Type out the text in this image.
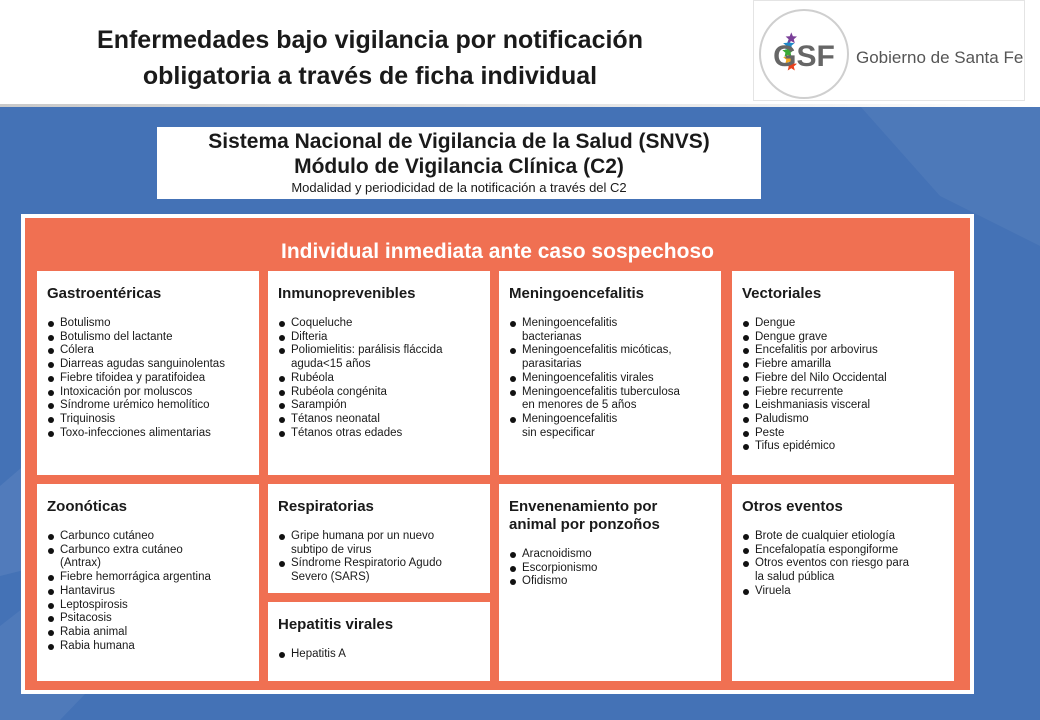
Enfermedades bajo vigilancia por notificación
obligatoria a través de ficha individual
GSF Gobierno de Santa Fe
Sistema Nacional de Vigilancia de la Salud (SNVS)
Módulo de Vigilancia Clínica (C2)
Modalidad y periodicidad de la notificación a través del C2
Individual inmediata ante caso sospechoso
Gastroentéricas
Botulismo
Botulismo del lactante
Cólera
Diarreas agudas sanguinolentas
Fiebre tifoidea y paratifoidea
Intoxicación por moluscos
Síndrome urémico hemolítico
Triquinosis
Toxo-infecciones alimentarias
Inmunoprevenibles
Coqueluche
Difteria
Poliomielitis: parálisis fláccida
aguda<15 años
Rubéola
Rubéola congénita
Sarampión
Tétanos neonatal
Tétanos otras edades
Meningoencefalitis
Meningoencefalitis
bacterianas
Meningoencefalitis micóticas,
parasitarias
Meningoencefalitis virales
Meningoencefalitis tuberculosa
en menores de 5 años
Meningoencefalitis
sin especificar
Vectoriales
Dengue
Dengue grave
Encefalitis por arbovirus
Fiebre amarilla
Fiebre del Nilo Occidental
Fiebre recurrente
Leishmaniasis visceral
Paludismo
Peste
Tifus epidémico
Zoonóticas
Carbunco cutáneo
Carbunco extra cutáneo
(Antrax)
Fiebre hemorrágica argentina
Hantavirus
Leptospirosis
Psitacosis
Rabia animal
Rabia humana
Respiratorias
Gripe humana por un nuevo
subtipo de virus
Síndrome Respiratorio Agudo
Severo (SARS)
Hepatitis virales
Hepatitis A
Envenenamiento por
animal por ponzoños
Aracnoidismo
Escorpionismo
Ofidismo
Otros eventos
Brote de cualquier etiología
Encefalopatía espongiforme
Otros eventos con riesgo para
la salud pública
Viruela
